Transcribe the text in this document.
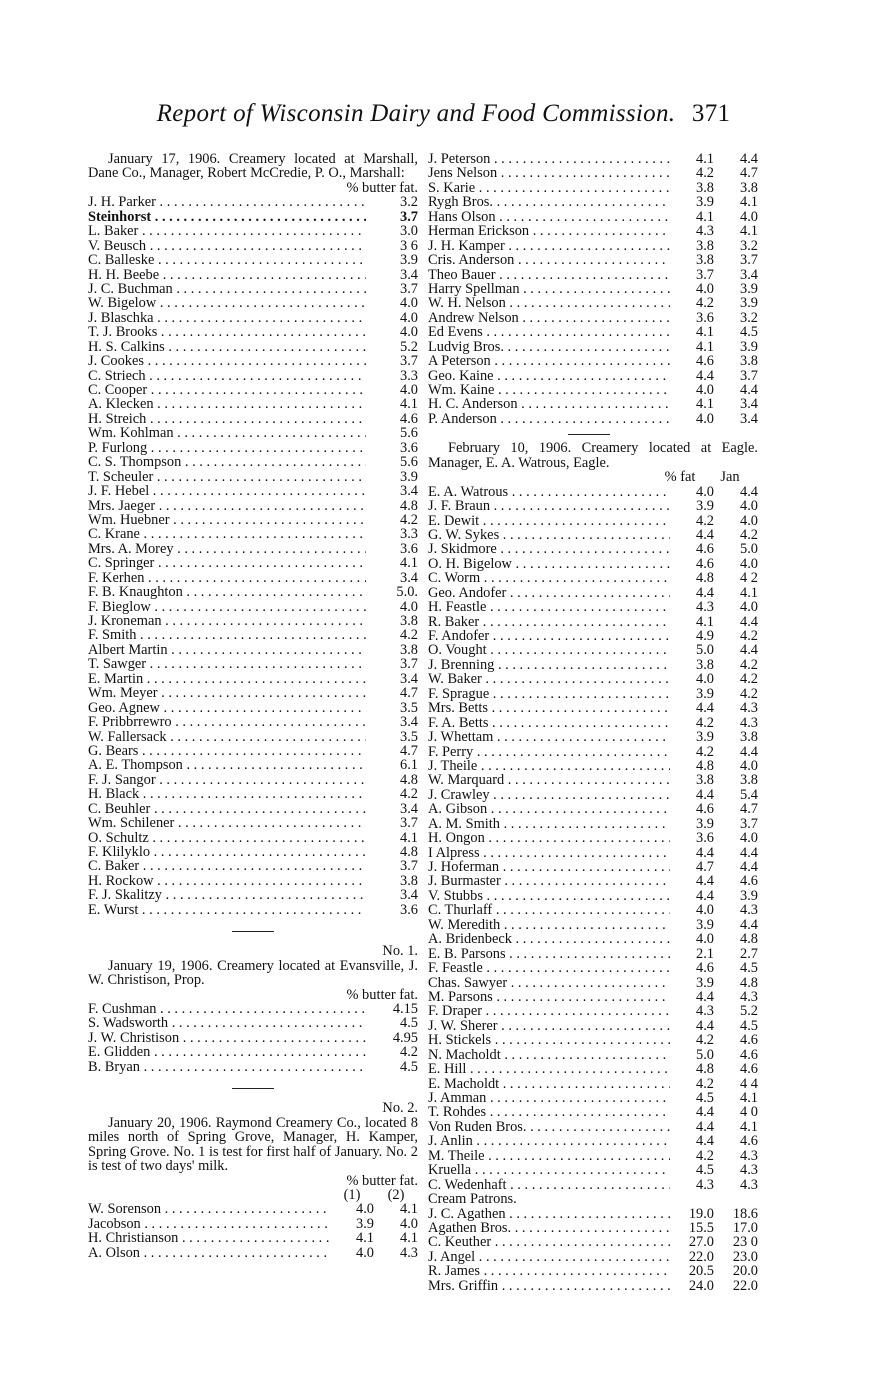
Report of Wisconsin Dairy and Food Commission. 371
January 17, 1906. Creamery located at Marshall, Dane Co., Manager, Robert McCredie, P. O., Marshall:
% butter fat.
J. H. Parker . . .	3.2
Steinhorst . . .	3.7
L. Baker . . .	3.0
V. Beusch . . .	3 6
C. Balleske . . .	3.9
H. H. Beebe . . .	3.4
J. C. Buchman . . .	3.7
W. Bigelow . . .	4.0
J. Blaschka . . .	4.0
T. J. Brooks . . .	4.0
H. S. Calkins . . .	5.2
J. Cookes . . .	3.7
C. Striech . . .	3.3
C. Cooper . . .	4.0
A. Klecken . . .	4.1
H. Streich . . .	4.6
Wm. Kohlman . . .	5.6
P. Furlong . . .	3.6
C. S. Thompson . . .	5.6
T. Scheuler . . .	3.9
J. F. Hebel . . .	3.4
Mrs. Jaeger . . .	4.8
Wm. Huebner . . .	4.2
C. Krane . . .	3.3
Mrs. A. Morey . . .	3.6
C. Springer . . .	4.1
F. Kerhen . . .	3.4
F. B. Knaughton . . .	5.0.
F. Bieglow . . .	4.0
J. Kroneman . . .	3.8
F. Smith . . .	4.2
Albert Martin . . .	3.8
T. Sawger . . .	3.7
E. Martin . . .	3.4
Wm. Meyer . . .	4.7
Geo. Agnew . . .	3.5
F. Pribbrrewro . . .	3.4
W. Fallersack . . .	3.5
G. Bears . . .	4.7
A. E. Thompson . . .	6.1
F. J. Sangor . . .	4.8
H. Black . . .	4.2
C. Beuhler . . .	3.4
Wm. Schilener . . .	3.7
O. Schultz . . .	4.1
F. Klilyklo . . .	4.8
C. Baker . . .	3.7
H. Rockow . . .	3.8
F. J. Skalitzy . . .	3.4
E. Wurst . . .	3.6
No. 1.
January 19, 1906. Creamery located at Evansville, J. W. Christison, Prop.
% butter fat.
F. Cushman . . .	4.15
S. Wadsworth . . .	4.5
J. W. Christison . . .	4.95
E. Glidden . . .	4.2
B. Bryan . . .	4.5
No. 2.
January 20, 1906. Raymond Creamery Co., located 8 miles north of Spring Grove, Manager, H. Kamper, Spring Grove. No. 1 is test for first half of January. No. 2 is test of two days' milk.
% butter fat.
(1)	(2)
W. Sorenson . . .	4.0	4.1
Jacobson . . .	3.9	4.0
H. Christianson . . .	4.1	4.1
A. Olson . . .	4.0	4.3
J. Peterson . . .	4.1	4.4
Jens Nelson . . .	4.2	4.7
S. Karie . . .	3.8	3.8
Rygh Bros. . . .	3.9	4.1
Hans Olson . . .	4.1	4.0
Herman Erickson . . .	4.3	4.1
J. H. Kamper . . .	3.8	3.2
Cris. Anderson . . .	3.8	3.7
Theo Bauer . . .	3.7	3.4
Harry Spellman . . .	4.0	3.9
W. H. Nelson . . .	4.2	3.9
Andrew Nelson . . .	3.6	3.2
Ed Evens . . .	4.1	4.5
Ludvig Bros. . . .	4.1	3.9
A Peterson . . .	4.6	3.8
Geo. Kaine . . .	4.4	3.7
Wm. Kaine . . .	4.0	4.4
H. C. Anderson . . .	4.1	3.4
P. Anderson . . .	4.0	3.4
February 10, 1906. Creamery located at Eagle. Manager, E. A. Watrous, Eagle.
% fat	Jan
E. A. Watrous . . .	4.0	4.4
J. F. Braun . . .	3.9	4.0
E. Dewit . . .	4.2	4.0
G. W. Sykes . . .	4.4	4.2
J. Skidmore . . .	4.6	5.0
O. H. Bigelow . . .	4.6	4.0
C. Worm . . .	4.8	4 2
Geo. Andofer . . .	4.4	4.1
H. Feastle . . .	4.3	4.0
R. Baker . . .	4.1	4.4
F. Andofer . . .	4.9	4.2
O. Vought . . .	5.0	4.4
J. Brenning . . .	3.8	4.2
W. Baker . . .	4.0	4.2
F. Sprague . . .	3.9	4.2
Mrs. Betts . . .	4.4	4.3
F. A. Betts . . .	4.2	4.3
J. Whettam . . .	3.9	3.8
F. Perry . . .	4.2	4.4
J. Theile . . .	4.8	4.0
W. Marquard . . .	3.8	3.8
J. Crawley . . .	4.4	5.4
A. Gibson . . .	4.6	4.7
A. M. Smith . . .	3.9	3.7
H. Ongon . . .	3.6	4.0
I Alpress . . .	4.4	4.4
J. Hoferman . . .	4.7	4.4
J. Burmaster . . .	4.4	4.6
V. Stubbs . . .	4.4	3.9
C. Thurlaff . . .	4.0	4.3
W. Meredith . . .	3.9	4.4
A. Bridenbeck . . .	4.0	4.8
E. B. Parsons . . .	2.1	2.7
F. Feastle . . .	4.6	4.5
Chas. Sawyer . . .	3.9	4.8
M. Parsons . . .	4.4	4.3
F. Draper . . .	4.3	5.2
J. W. Sherer . . .	4.4	4.5
H. Stickels . . .	4.2	4.6
N. Macholdt . . .	5.0	4.6
E. Hill . . .	4.8	4.6
E. Macholdt . . .	4.2	4 4
J. Amman . . .	4.5	4.1
T. Rohdes . . .	4.4	4 0
Von Ruden Bros. . . .	4.4	4.1
J. Anlin . . .	4.4	4.6
M. Theile . . .	4.2	4.3
Kruella . . .	4.5	4.3
C. Wedenhaft . . .	4.3	4.3
Cream Patrons.
J. C. Agathen . . .	19.0	18.6
Agathen Bros. . . .	15.5	17.0
C. Keuther . . .	27.0	23 0
J. Angel . . .	22.0	23.0
R. James . . .	20.5	20.0
Mrs. Griffin . . .	24.0	22.0
